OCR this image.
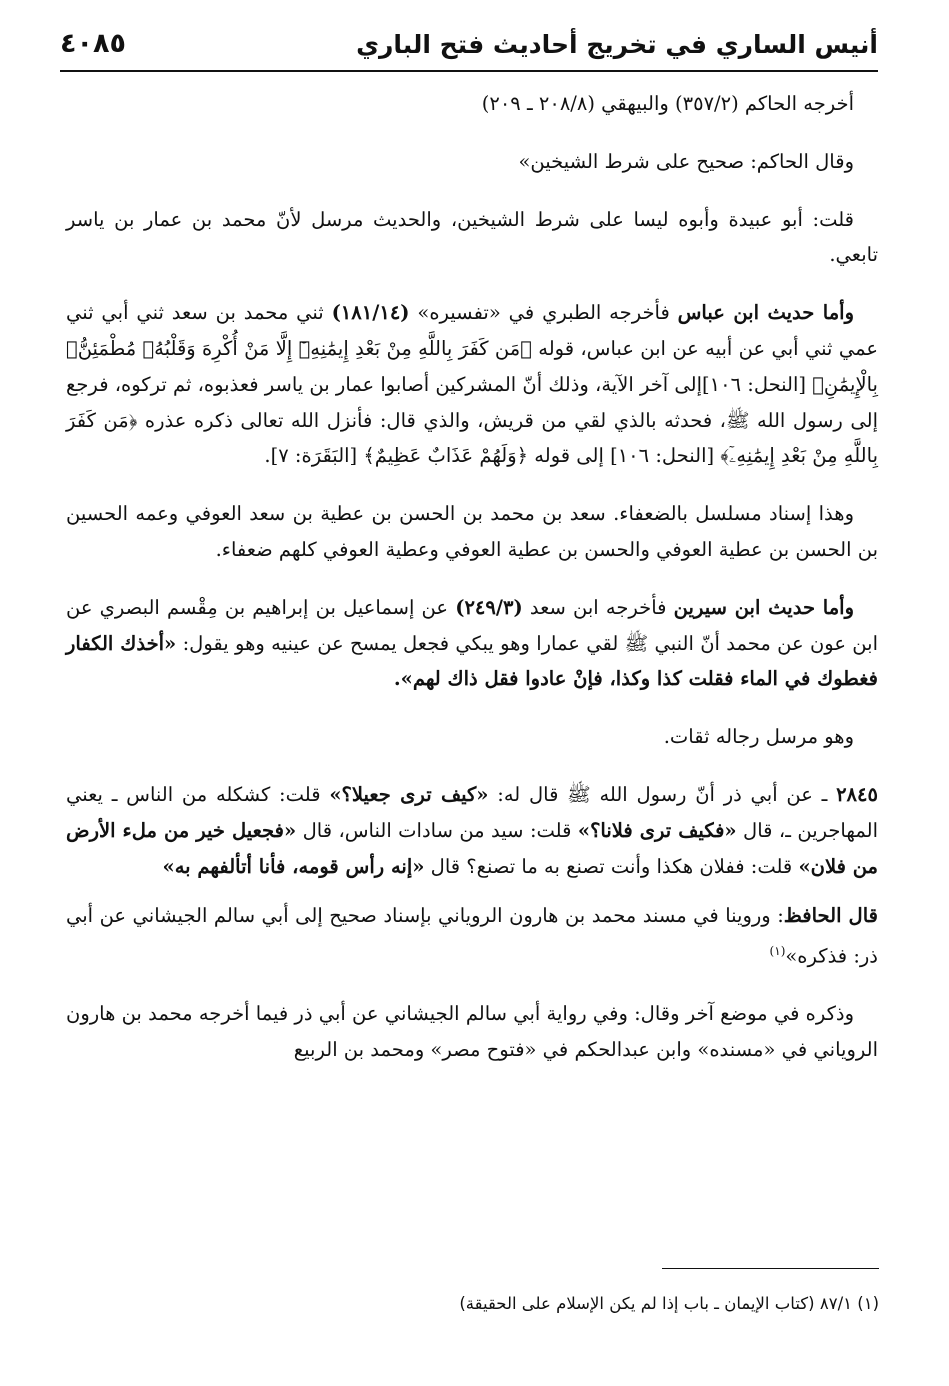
أنيس الساري في تخريج أحاديث فتح الباري
٤٠٨٥

أخرجه الحاكم (٣٥٧/٢) والبيهقي (٢٠٨/٨ ـ ٢٠٩)

وقال الحاكم: صحيح على شرط الشيخين»

قلت: أبو عبيدة وأبوه ليسا على شرط الشيخين، والحديث مرسل لأنّ محمد بن عمار بن ياسر تابعي.

وأما حديث ابن عباس فأخرجه الطبري في «تفسيره» (١٨١/١٤) ثني محمد بن سعد ثني أبي ثني عمي ثني أبي عن أبيه عن ابن عباس، قوله ﴿مَن كَفَرَ بِاللَّهِ مِنْ بَعْدِ إِيمَٰنِهِۦٓ إِلَّا مَنْ أُكْرِهَ وَقَلْبُهُۥ مُطْمَئِنُّۢ بِالْإِيمَٰنِ﴾ [النحل: ١٠٦]إلى آخر الآية، وذلك أنّ المشركين أصابوا عمار بن ياسر فعذبوه، ثم تركوه، فرجع إلى رسول الله ﷺ، فحدثه بالذي لقي من قريش، والذي قال: فأنزل الله تعالى ذكره عذره ﴿مَن كَفَرَ بِاللَّهِ مِنْ بَعْدِ إِيمَٰنِهِۦٓ﴾ [النحل: ١٠٦] إلى قوله ﴿وَلَهُمْ عَذَابٌ عَظِيمٌ﴾ [البَقَرَة: ٧].

وهذا إسناد مسلسل بالضعفاء. سعد بن محمد بن الحسن بن عطية بن سعد العوفي وعمه الحسين بن الحسن بن عطية العوفي والحسن بن عطية العوفي وعطية العوفي كلهم ضعفاء.

وأما حديث ابن سيرين فأخرجه ابن سعد (٢٤٩/٣) عن إسماعيل بن إبراهيم بن مِقْسم البصري عن ابن عون عن محمد أنّ النبي ﷺ لقي عمارا وهو يبكي فجعل يمسح عن عينيه وهو يقول: «أخذك الكفار فغطوك في الماء فقلت كذا وكذا، فإنْ عادوا فقل ذاك لهم».

وهو مرسل رجاله ثقات.

٢٨٤٥ ـ عن أبي ذر أنّ رسول الله ﷺ قال له: «كيف ترى جعيلا؟» قلت: كشكله من الناس ـ يعني المهاجرين ـ، قال «فكيف ترى فلانا؟» قلت: سيد من سادات الناس، قال «فجعيل خير من ملء الأرض من فلان» قلت: ففلان هكذا وأنت تصنع به ما تصنع؟ قال «إنه رأس قومه، فأنا أتألفهم به»

قال الحافظ: وروينا في مسند محمد بن هارون الروياني بإسناد صحيح إلى أبي سالم الجيشاني عن أبي ذر: فذكره»$^{(١)}$

وذكره في موضع آخر وقال: وفي رواية أبي سالم الجيشاني عن أبي ذر فيما أخرجه محمد بن هارون الروياني في «مسنده» وابن عبدالحكم في «فتوح مصر» ومحمد بن الربيع

(١) ٨٧/١ (كتاب الإيمان ـ باب إذا لم يكن الإسلام على الحقيقة)
